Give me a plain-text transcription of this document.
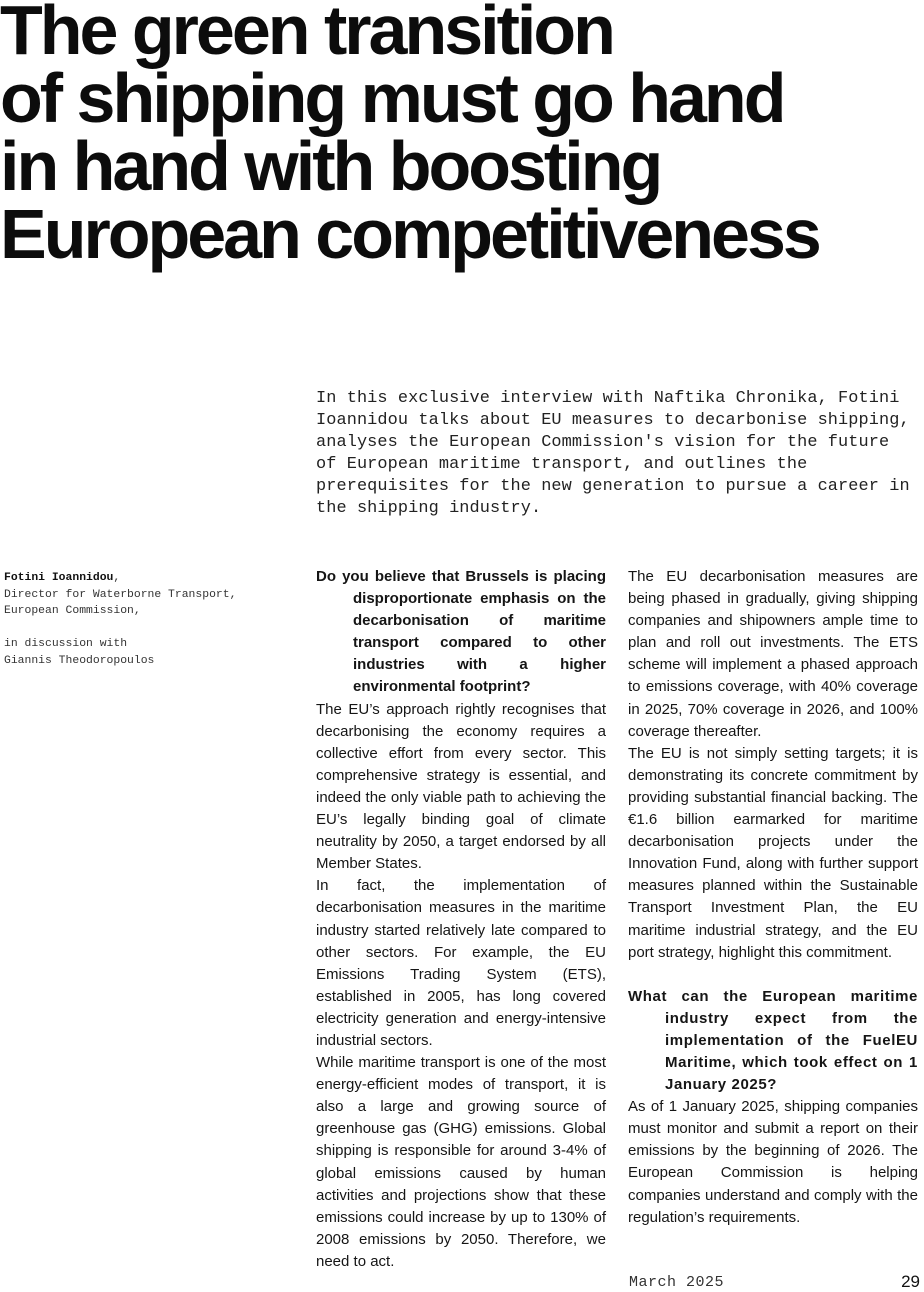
The green transition
of shipping must go hand
in hand with boosting
European competitiveness

In this exclusive interview with Naftika Chronika, Fotini Ioannidou talks about EU measures to decarbonise shipping, analyses the European Commission's vision for the future of European maritime transport, and outlines the prerequisites for the new generation to pursue a career in the shipping industry.

Fotini Ioannidou,
Director for Waterborne Transport,
European Commission,
in discussion with
Giannis Theodoropoulos

Do you believe that Brussels is placing disproportionate emphasis on the decarbonisation of maritime transport compared to other industries with a higher environmental footprint?

The EU’s approach rightly recognises that decarbonising the economy requires a collective effort from every sector. This comprehensive strategy is essential, and indeed the only viable path to achieving the EU’s legally binding goal of climate neutrality by 2050, a target endorsed by all Member States.

In fact, the implementation of decarbonisation measures in the maritime industry started relatively late compared to other sectors. For example, the EU Emissions Trading System (ETS), established in 2005, has long covered electricity generation and energy-intensive industrial sectors.

While maritime transport is one of the most energy-efficient modes of transport, it is also a large and growing source of greenhouse gas (GHG) emissions. Global shipping is responsible for around 3-4% of global emissions caused by human activities and projections show that these emissions could increase by up to 130% of 2008 emissions by 2050. Therefore, we need to act.

The EU decarbonisation measures are being phased in gradually, giving shipping companies and shipowners ample time to plan and roll out investments. The ETS scheme will implement a phased approach to emissions coverage, with 40% coverage in 2025, 70% coverage in 2026, and 100% coverage thereafter.

The EU is not simply setting targets; it is demonstrating its concrete commitment by providing substantial financial backing. The €1.6 billion earmarked for maritime decarbonisation projects under the Innovation Fund, along with further support measures planned within the Sustainable Transport Investment Plan, the EU maritime industrial strategy, and the EU port strategy, highlight this commitment.

What can the European maritime industry expect from the implementation of the FuelEU Maritime, which took effect on 1 January 2025?

As of 1 January 2025, shipping companies must monitor and submit a report on their emissions by the beginning of 2026. The European Commission is helping companies understand and comply with the regulation’s requirements.

March 2025	29
